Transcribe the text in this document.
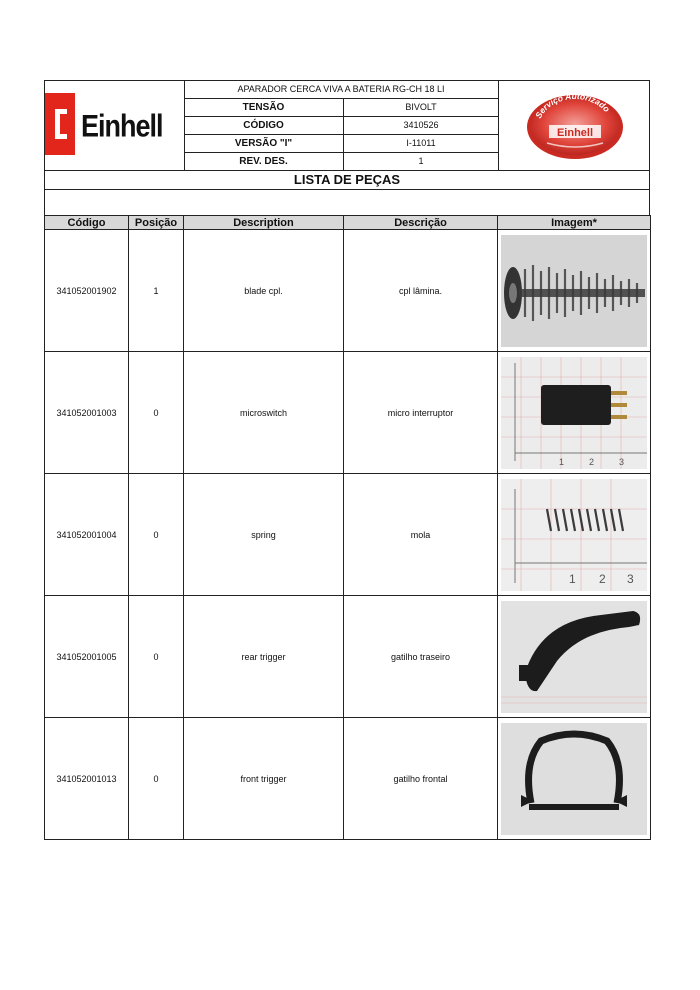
Einhell
APARADOR CERCA VIVA A BATERIA RG-CH 18 LI
TENSÃO	BIVOLT
CÓDIGO	3410526
VERSÃO "I"	I-11011
REV. DES.	1
Serviço Autorizado
Einhell
LISTA DE PEÇAS
Código	Posição	Description	Descrição	Imagem*
341052001902	1	blade cpl.	cpl lâmina.	

341052001003	0	microswitch	micro interruptor	1 2 3

341052001004	0	spring	mola	1 2 3

341052001005	0	rear trigger	gatilho traseiro	

341052001013	0	front trigger	gatilho frontal	
